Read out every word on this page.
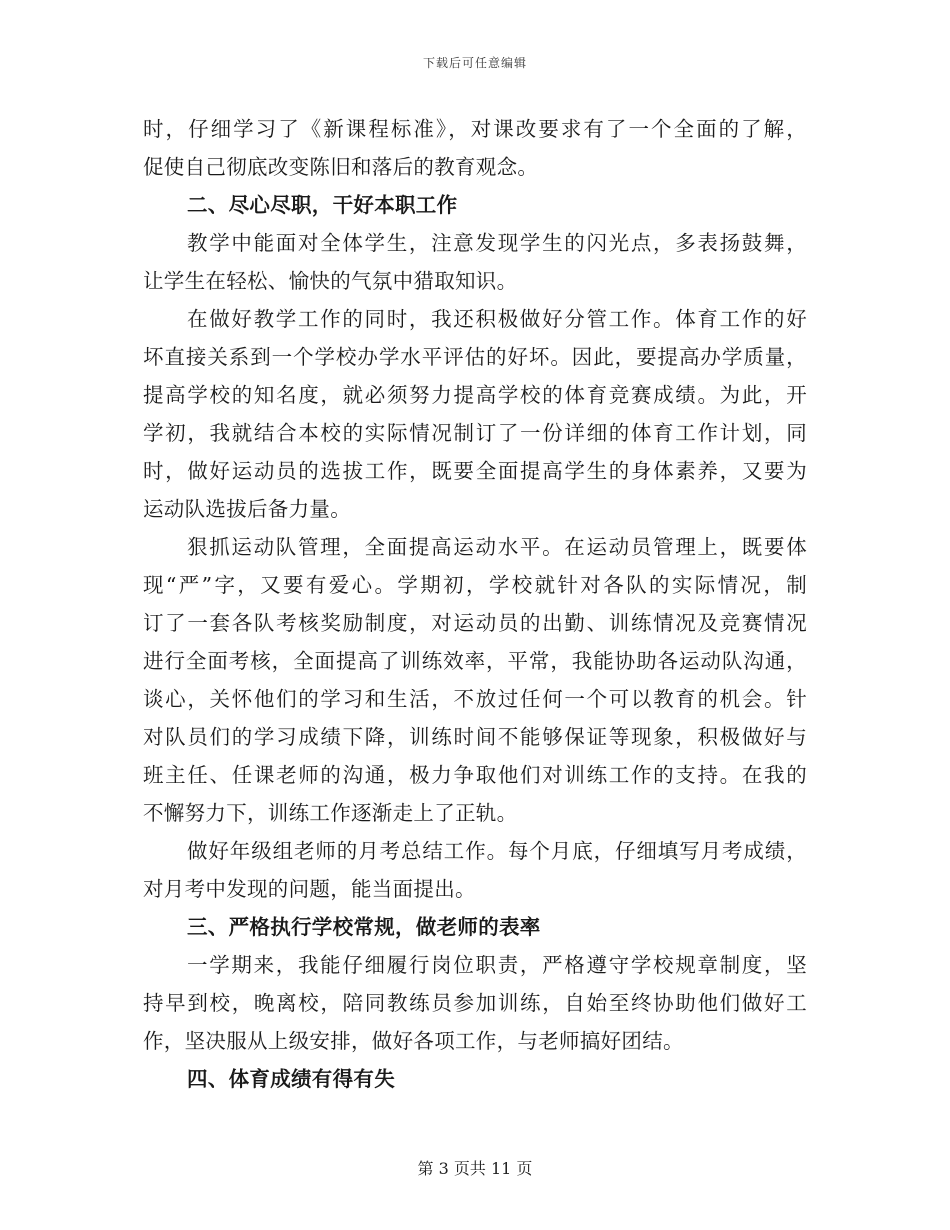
下载后可任意编辑
时，仔细学习了《新课程标准》，对课改要求有了一个全面的了解，
促使自己彻底改变陈旧和落后的教育观念。
二、尽心尽职，干好本职工作
教学中能面对全体学生，注意发现学生的闪光点，多表扬鼓舞，
让学生在轻松、愉快的气氛中猎取知识。
在做好教学工作的同时，我还积极做好分管工作。体育工作的好
坏直接关系到一个学校办学水平评估的好坏。因此，要提高办学质量，
提高学校的知名度，就必须努力提高学校的体育竞赛成绩。为此，开
学初，我就结合本校的实际情况制订了一份详细的体育工作计划，同
时，做好运动员的选拔工作，既要全面提高学生的身体素养，又要为
运动队选拔后备力量。
狠抓运动队管理，全面提高运动水平。在运动员管理上，既要体
现“严”字，又要有爱心。学期初，学校就针对各队的实际情况，制
订了一套各队考核奖励制度，对运动员的出勤、训练情况及竞赛情况
进行全面考核，全面提高了训练效率，平常，我能协助各运动队沟通，
谈心，关怀他们的学习和生活，不放过任何一个可以教育的机会。针
对队员们的学习成绩下降，训练时间不能够保证等现象，积极做好与
班主任、任课老师的沟通，极力争取他们对训练工作的支持。在我的
不懈努力下，训练工作逐渐走上了正轨。
做好年级组老师的月考总结工作。每个月底，仔细填写月考成绩，
对月考中发现的问题，能当面提出。
三、严格执行学校常规，做老师的表率
一学期来，我能仔细履行岗位职责，严格遵守学校规章制度，坚
持早到校，晚离校，陪同教练员参加训练，自始至终协助他们做好工
作，坚决服从上级安排，做好各项工作，与老师搞好团结。
四、体育成绩有得有失
第 3 页共 11 页
